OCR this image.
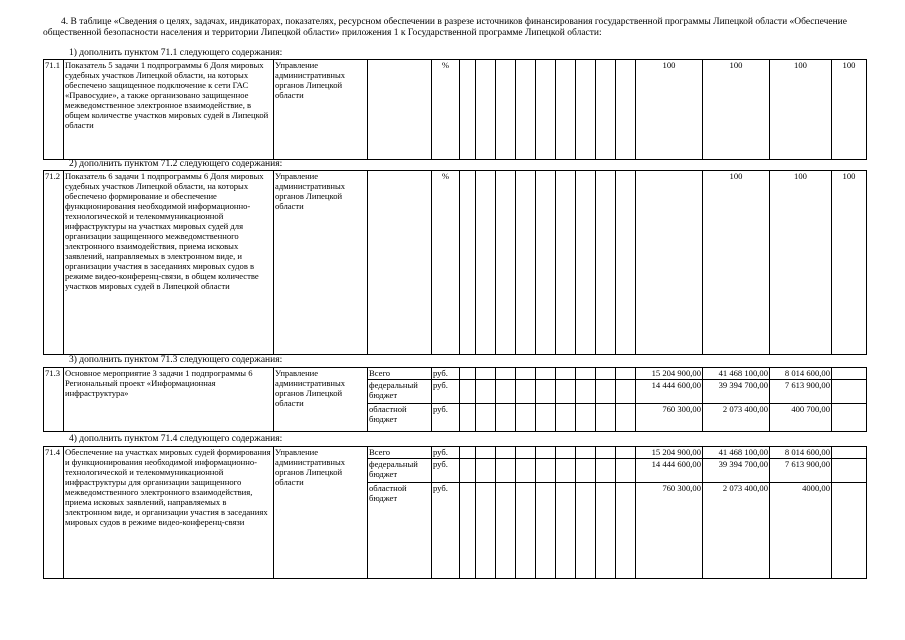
4. В таблице «Сведения о целях, задачах, индикаторах, показателях, ресурсном обеспечении в разрезе источников финансирования государственной программы Липецкой области «Обеспечение общественной безопасности населения и территории Липецкой области» приложения 1 к Государственной программе Липецкой области:

1) дополнить пунктом 71.1 следующего содержания:
71.1	Показатель 5 задачи 1 подпрограммы 6 Доля мировых судебных участков Липецкой области, на которых обеспечено защищенное подключение к сети ГАС «Правосудие», а также организовано защищенное межведомственное электронное взаимодействие, в общем количестве участков мировых судей в Липецкой области	Управление административных органов Липецкой области		%										100	100	100	100
2) дополнить пунктом 71.2 следующего содержания:
71.2	Показатель 6 задачи 1 подпрограммы 6 Доля мировых судебных участков Липецкой области, на которых обеспечено формирование и обеспечение функционирования необходимой информационно-технологической и телекоммуникационной инфраструктуры на участках мировых судей для организации защищенного межведомственного электронного взаимодействия, приема исковых заявлений, направляемых в электронном виде, и организации участия в заседаниях мировых судов в режиме видео-конференц-связи, в общем количестве участков мировых судей в Липецкой области	Управление административных органов Липецкой области		%											100	100	100
3) дополнить пунктом 71.3 следующего содержания:
71.3	Основное мероприятие 3 задачи 1 подпрограммы 6 Региональный проект «Информационная инфраструктура»	Управление административных органов Липецкой области	Всего	руб.										15 204 900,00	41 468 100,00	8 014 600,00	
			федеральный бюджет	руб.										14 444 600,00	39 394 700,00	7 613 900,00	
			областной бюджет	руб.										760 300,00	2 073 400,00	400 700,00	
4) дополнить пунктом 71.4 следующего содержания:
71.4	Обеспечение на участках мировых судей формирования и функционирования необходимой информационно-технологической и телекоммуникационной инфраструктуры для организации защищенного межведомственного электронного взаимодействия, приема исковых заявлений, направляемых в электронном виде, и организации участия в заседаниях мировых судов в режиме видео-конференц-связи	Управление административных органов Липецкой области	Всего	руб.										15 204 900,00	41 468 100,00	8 014 600,00	
			федеральный бюджет	руб.										14 444 600,00	39 394 700,00	7 613 900,00	
			областной бюджет	руб.										760 300,00	2 073 400,00	4000,00	
